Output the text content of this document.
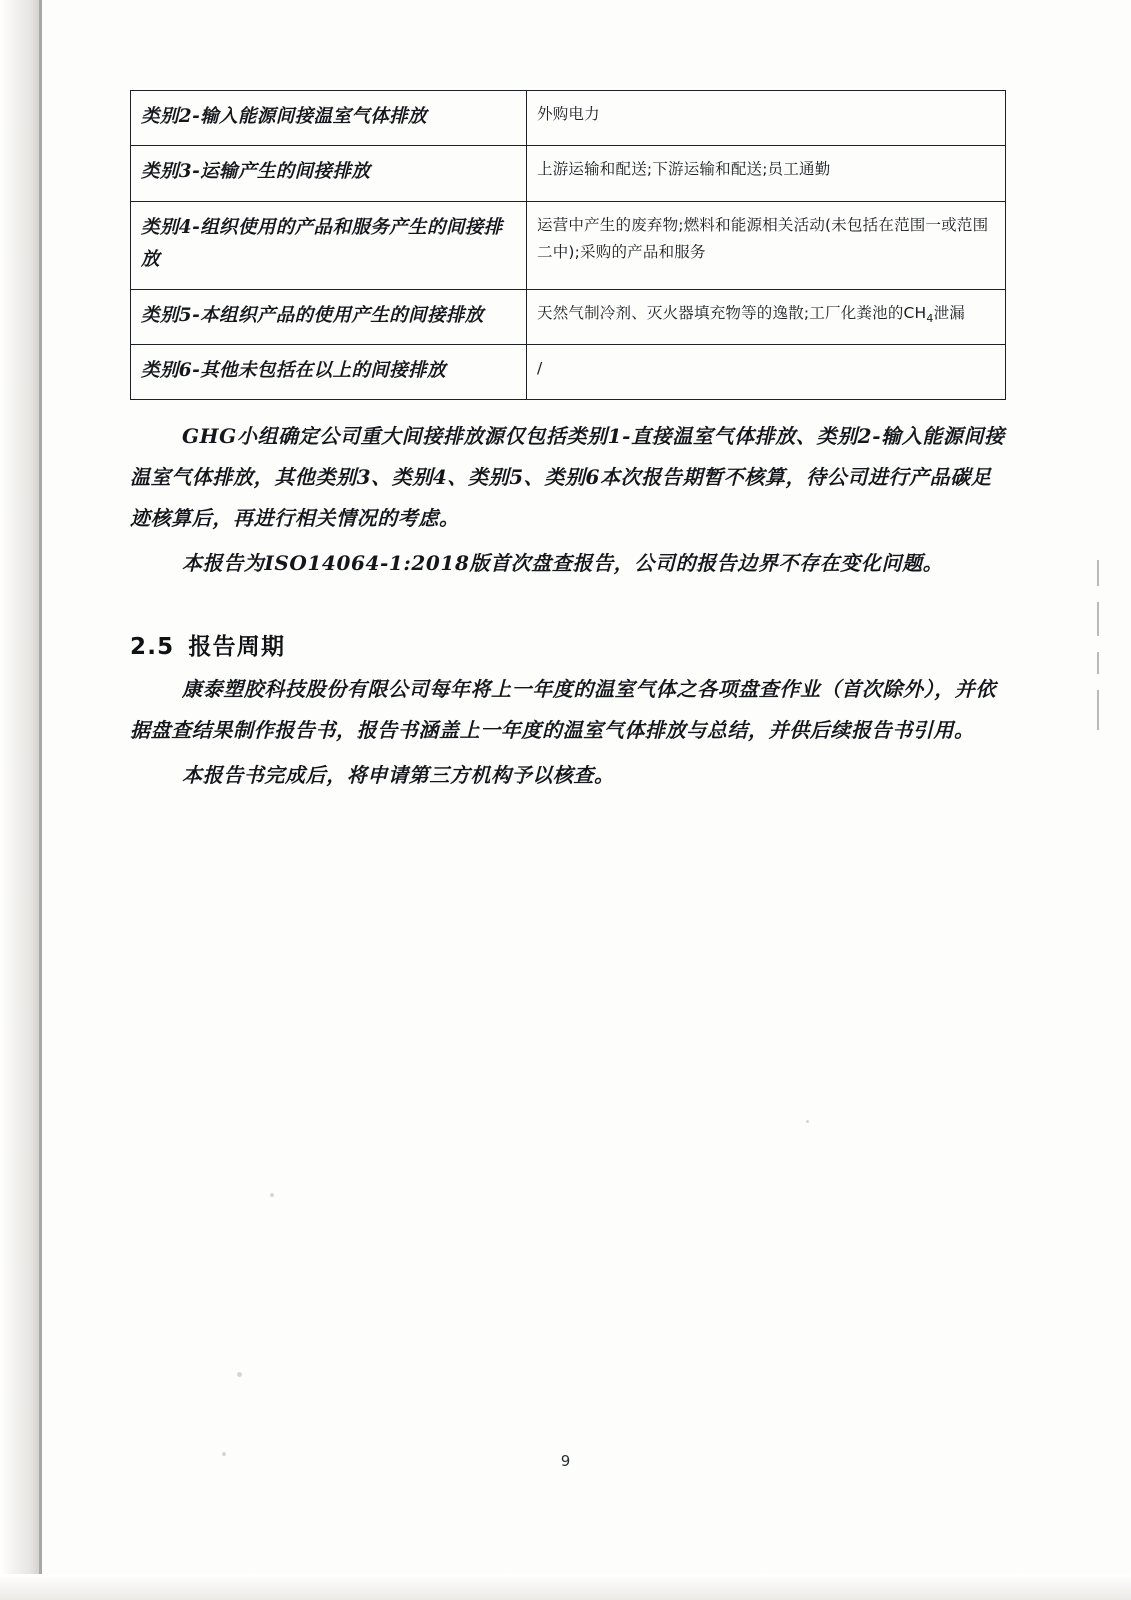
类别2-输入能源间接温室气体排放	外购电力
类别3-运输产生的间接排放	上游运输和配送;下游运输和配送;员工通勤
类别4-组织使用的产品和服务产生的间接排放	运营中产生的废弃物;燃料和能源相关活动(未包括在范围一或范围二中);采购的产品和服务
类别5-本组织产品的使用产生的间接排放	天然气制冷剂、灭火器填充物等的逸散;工厂化粪池的$CH_4$泄漏
类别6-其他未包括在以上的间接排放	/

GHG小组确定公司重大间接排放源仅包括类别1-直接温室气体排放、类别2-输入能源间接温室气体排放，其他类别3、类别4、类别5、类别6本次报告期暂不核算，待公司进行产品碳足迹核算后，再进行相关情况的考虑。

本报告为ISO14064-1:2018版首次盘查报告，公司的报告边界不存在变化问题。

2.5 报告周期

康泰塑胶科技股份有限公司每年将上一年度的温室气体之各项盘查作业（首次除外），并依据盘查结果制作报告书，报告书涵盖上一年度的温室气体排放与总结，并供后续报告书引用。

本报告书完成后，将申请第三方机构予以核查。

9
